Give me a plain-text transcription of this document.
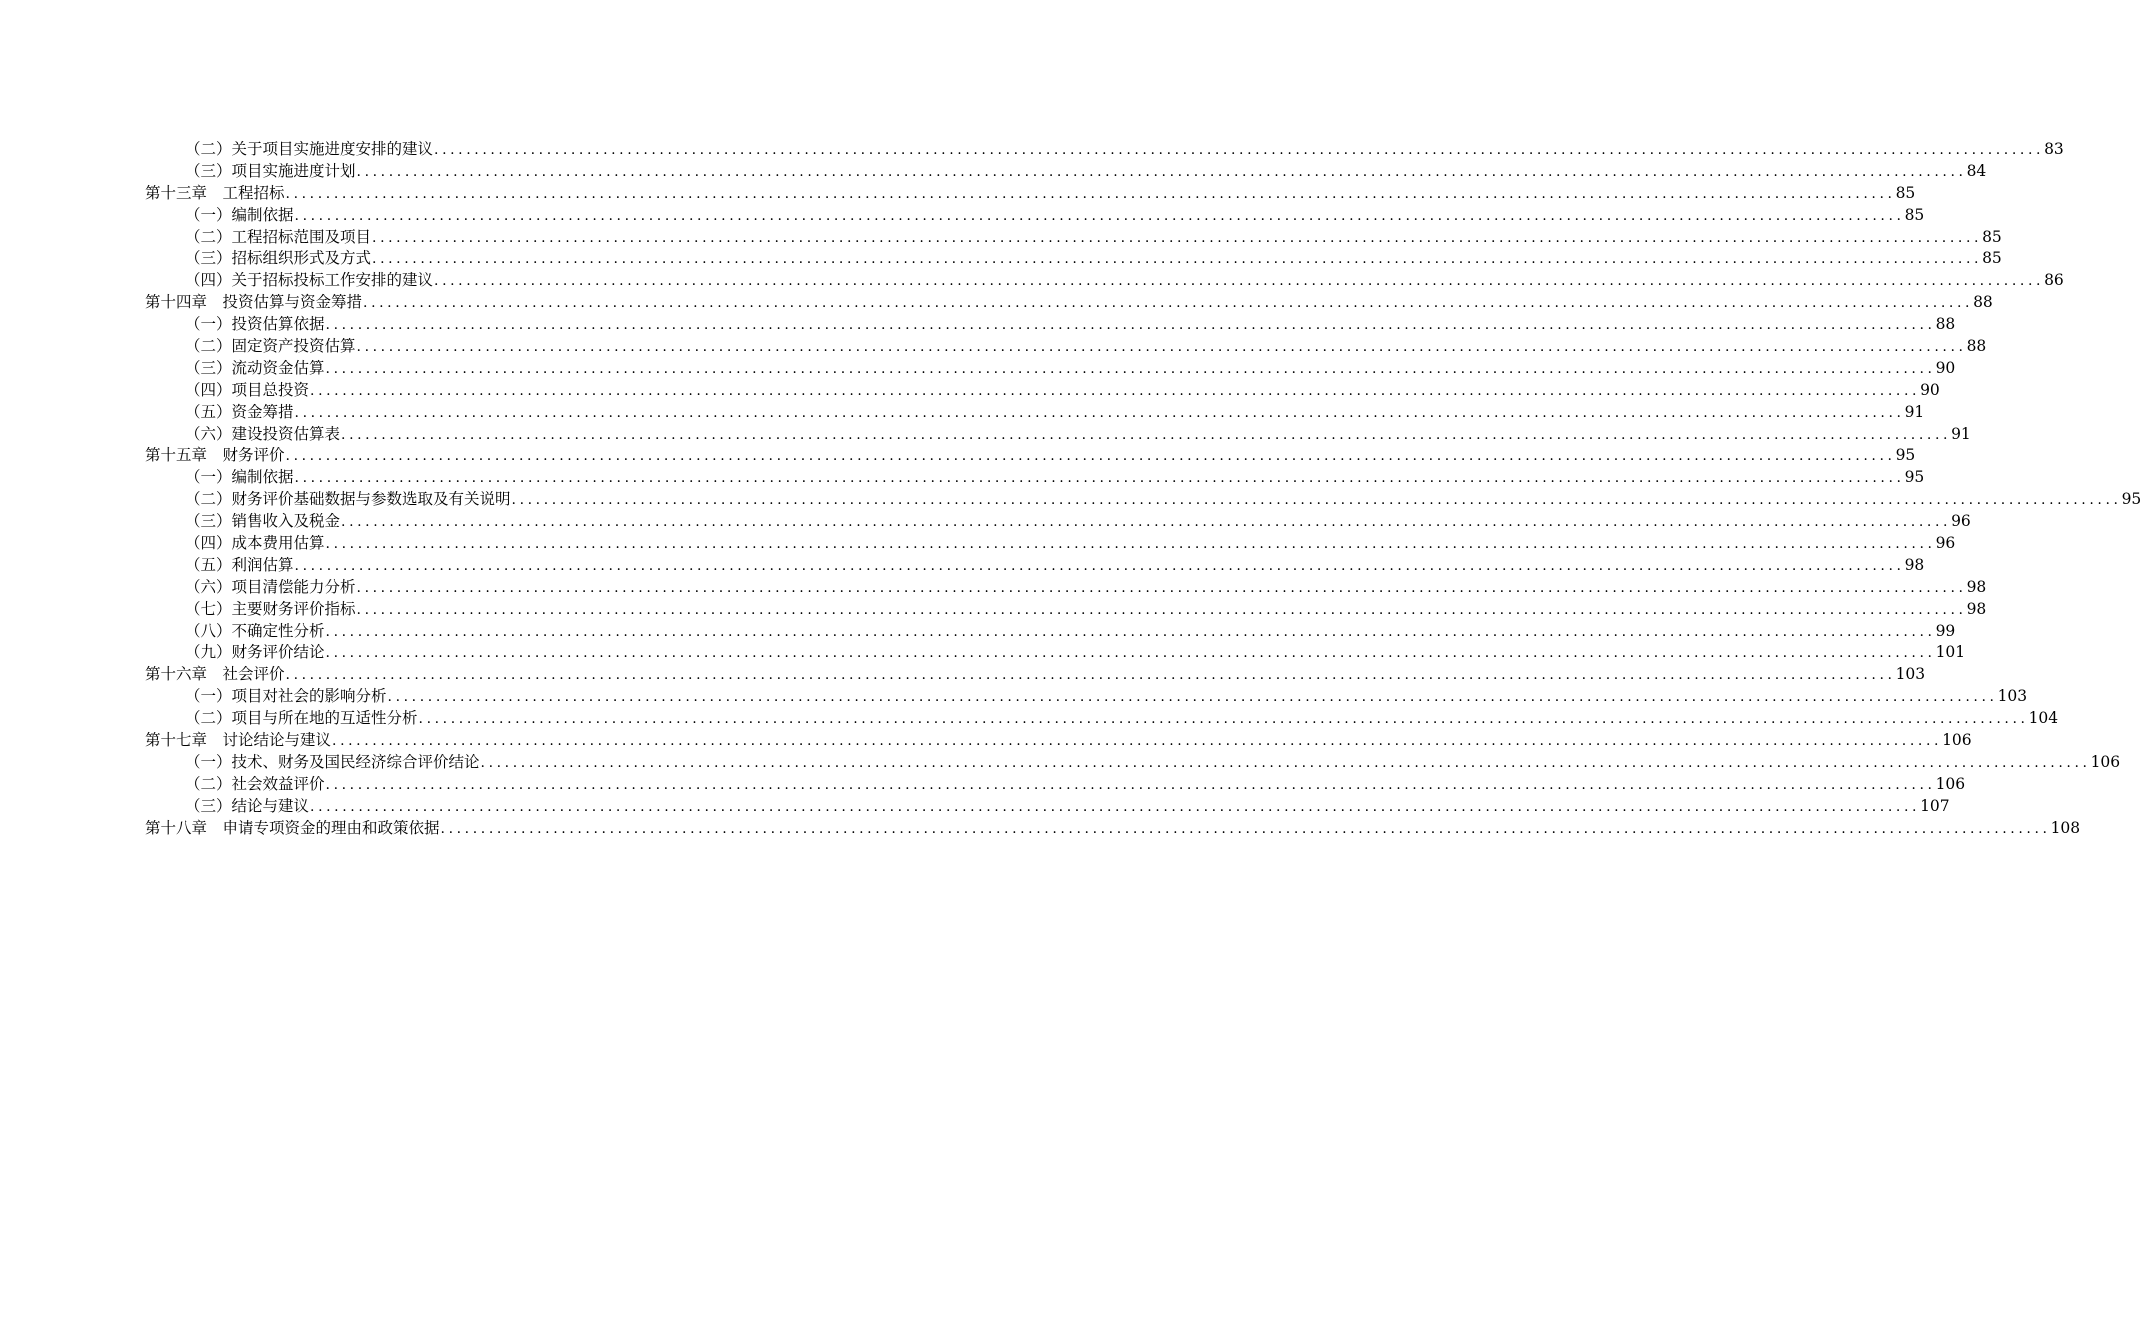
（二）关于项目实施进度安排的建议 ........................................................................................................................................................................................................ 83
（三）项目实施进度计划 ........................................................................................................................................................................................................ 84
第十三章　工程招标 ........................................................................................................................................................................................................ 85
（一）编制依据 ........................................................................................................................................................................................................ 85
（二）工程招标范围及项目 ........................................................................................................................................................................................................ 85
（三）招标组织形式及方式 ........................................................................................................................................................................................................ 85
（四）关于招标投标工作安排的建议 ........................................................................................................................................................................................................ 86
第十四章　投资估算与资金筹措 ........................................................................................................................................................................................................ 88
（一）投资估算依据 ........................................................................................................................................................................................................ 88
（二）固定资产投资估算 ........................................................................................................................................................................................................ 88
（三）流动资金估算 ........................................................................................................................................................................................................ 90
（四）项目总投资 ........................................................................................................................................................................................................ 90
（五）资金筹措 ........................................................................................................................................................................................................ 91
（六）建设投资估算表 ........................................................................................................................................................................................................ 91
第十五章　财务评价 ........................................................................................................................................................................................................ 95
（一）编制依据 ........................................................................................................................................................................................................ 95
（二）财务评价基础数据与参数选取及有关说明 ........................................................................................................................................................................................................ 95
（三）销售收入及税金 ........................................................................................................................................................................................................ 96
（四）成本费用估算 ........................................................................................................................................................................................................ 96
（五）利润估算 ........................................................................................................................................................................................................ 98
（六）项目清偿能力分析 ........................................................................................................................................................................................................ 98
（七）主要财务评价指标 ........................................................................................................................................................................................................ 98
（八）不确定性分析 ........................................................................................................................................................................................................ 99
（九）财务评价结论 ........................................................................................................................................................................................................ 101
第十六章　社会评价 ........................................................................................................................................................................................................ 103
（一）项目对社会的影响分析 ........................................................................................................................................................................................................ 103
（二）项目与所在地的互适性分析 ........................................................................................................................................................................................................ 104
第十七章　讨论结论与建议 ........................................................................................................................................................................................................ 106
（一）技术、财务及国民经济综合评价结论 ........................................................................................................................................................................................................ 106
（二）社会效益评价 ........................................................................................................................................................................................................ 106
（三）结论与建议 ........................................................................................................................................................................................................ 107
第十八章　申请专项资金的理由和政策依据 ........................................................................................................................................................................................................ 108
